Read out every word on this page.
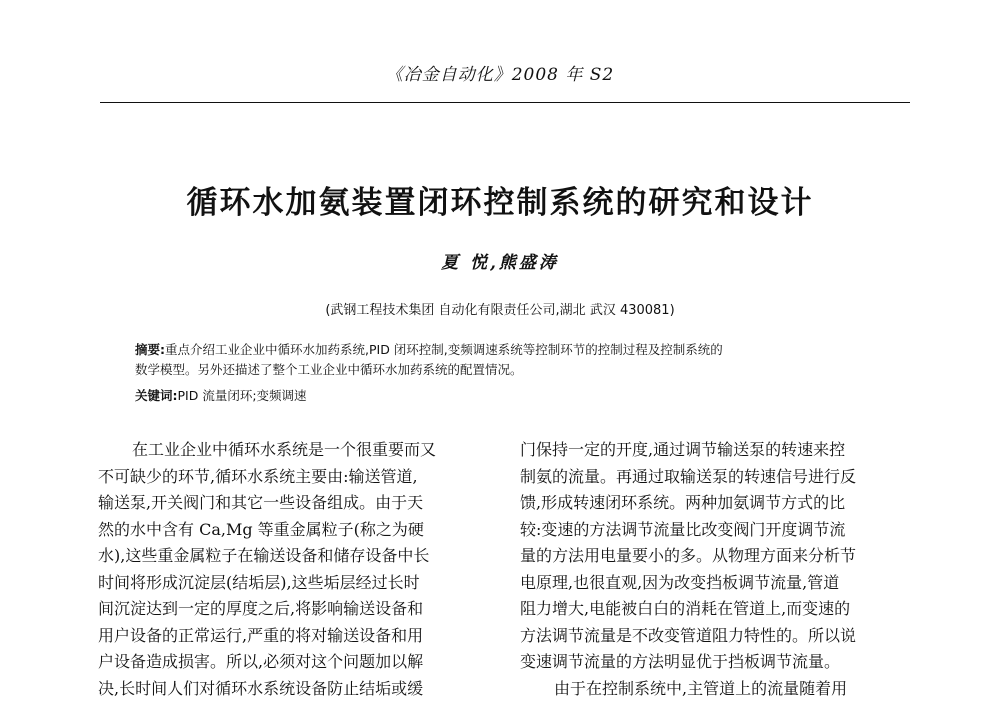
《冶金自动化》2008 年 S2
循环水加氨装置闭环控制系统的研究和设计
夏 悦,熊盛涛
(武钢工程技术集团 自动化有限责任公司,湖北 武汉 430081)
摘要:重点介绍工业企业中循环水加药系统,PID 闭环控制,变频调速系统等控制环节的控制过程及控制系统的
数学模型。另外还描述了整个工业企业中循环水加药系统的配置情况。
关键词:PID 流量闭环;变频调速
在工业企业中循环水系统是一个很重要而又
不可缺少的环节,循环水系统主要由:输送管道,
输送泵,开关阀门和其它一些设备组成。由于天
然的水中含有 Ca,Mg 等重金属粒子(称之为硬
水),这些重金属粒子在输送设备和储存设备中长
时间将形成沉淀层(结垢层),这些垢层经过长时
间沉淀达到一定的厚度之后,将影响输送设备和
用户设备的正常运行,严重的将对输送设备和用
户设备造成损害。所以,必须对这个问题加以解
决,长时间人们对循环水系统设备防止结垢或缓
门保持一定的开度,通过调节输送泵的转速来控
制氨的流量。再通过取输送泵的转速信号进行反
馈,形成转速闭环系统。两种加氨调节方式的比
较:变速的方法调节流量比改变阀门开度调节流
量的方法用电量要小的多。从物理方面来分析节
电原理,也很直观,因为改变挡板调节流量,管道
阻力增大,电能被白白的消耗在管道上,而变速的
方法调节流量是不改变管道阻力特性的。所以说
变速调节流量的方法明显优于挡板调节流量。
由于在控制系统中,主管道上的流量随着用
